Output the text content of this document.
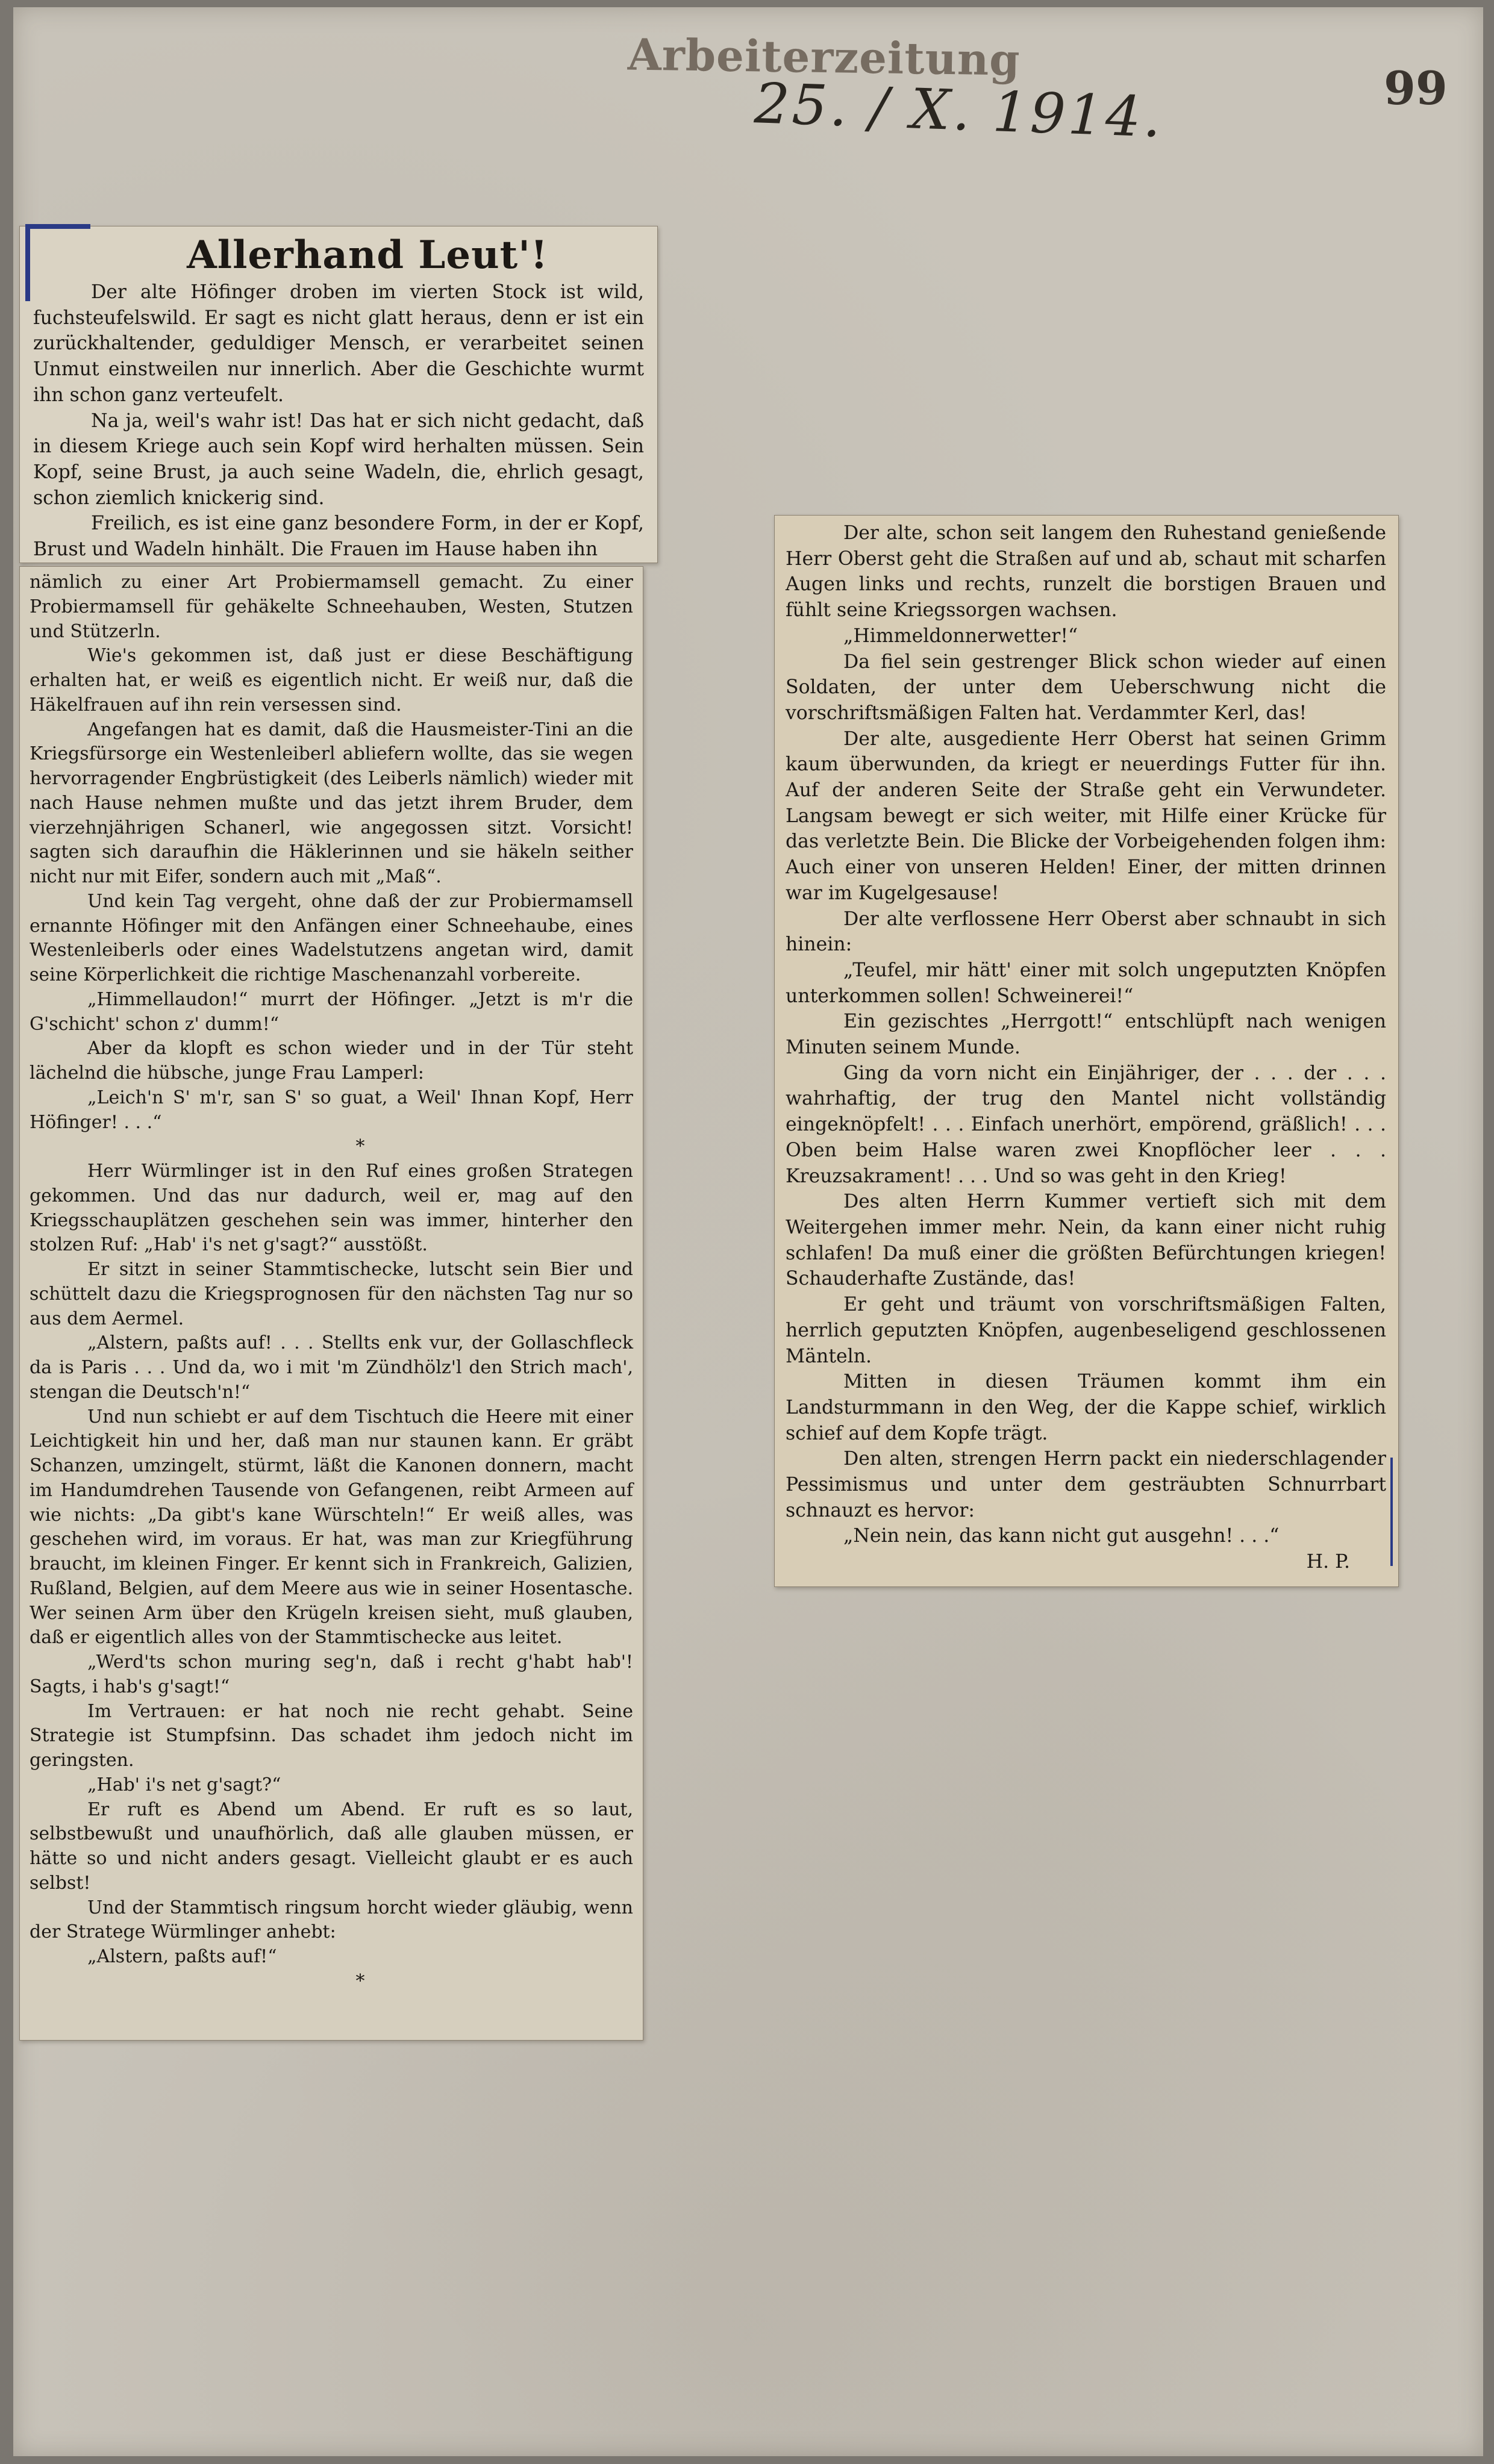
Arbeiterzeitung
25. / X. 1914.	99

Allerhand Leut'!

Der alte Höfinger droben im vierten Stock ist wild, fuchsteufelswild. Er sagt es nicht glatt heraus, denn er ist ein zurückhaltender, geduldiger Mensch, er verarbeitet seinen Unmut einstweilen nur innerlich. Aber die Geschichte wurmt ihn schon ganz verteufelt.

Na ja, weil's wahr ist! Das hat er sich nicht gedacht, daß in diesem Kriege auch sein Kopf wird herhalten müssen. Sein Kopf, seine Brust, ja auch seine Wadeln, die, ehrlich gesagt, schon ziemlich knickerig sind.

Freilich, es ist eine ganz besondere Form, in der er Kopf, Brust und Wadeln hinhält. Die Frauen im Hause haben ihn

nämlich zu einer Art Probiermamsell gemacht. Zu einer Probiermamsell für gehäkelte Schneehauben, Westen, Stutzen und Stützerln.

Wie's gekommen ist, daß just er diese Beschäftigung erhalten hat, er weiß es eigentlich nicht. Er weiß nur, daß die Häkelfrauen auf ihn rein versessen sind.

Angefangen hat es damit, daß die Hausmeister-Tini an die Kriegsfürsorge ein Westenleiberl abliefern wollte, das sie wegen hervorragender Engbrüstigkeit (des Leiberls nämlich) wieder mit nach Hause nehmen mußte und das jetzt ihrem Bruder, dem vierzehnjährigen Schanerl, wie angegossen sitzt. Vorsicht! sagten sich daraufhin die Häklerinnen und sie häkeln seither nicht nur mit Eifer, sondern auch mit „Maß“.

Und kein Tag vergeht, ohne daß der zur Probiermamsell ernannte Höfinger mit den Anfängen einer Schneehaube, eines Westenleiberls oder eines Wadelstutzens angetan wird, damit seine Körperlichkeit die richtige Maschenanzahl vorbereite.

„Himmellaudon!“ murrt der Höfinger. „Jetzt is m'r die G'schicht' schon z' dumm!“

Aber da klopft es schon wieder und in der Tür steht lächelnd die hübsche, junge Frau Lamperl:

„Leich'n S' m'r, san S' so guat, a Weil' Ihnan Kopf, Herr Höfinger! . . .“

*

Herr Würmlinger ist in den Ruf eines großen Strategen gekommen. Und das nur dadurch, weil er, mag auf den Kriegsschauplätzen geschehen sein was immer, hinterher den stolzen Ruf: „Hab' i's net g'sagt?“ ausstößt.

Er sitzt in seiner Stammtischecke, lutscht sein Bier und schüttelt dazu die Kriegsprognosen für den nächsten Tag nur so aus dem Aermel.

„Alstern, paßts auf! . . . Stellts enk vur, der Gollaschfleck da is Paris . . . Und da, wo i mit 'm Zündhölz'l den Strich mach', stengan die Deutsch'n!“

Und nun schiebt er auf dem Tischtuch die Heere mit einer Leichtigkeit hin und her, daß man nur staunen kann. Er gräbt Schanzen, umzingelt, stürmt, läßt die Kanonen donnern, macht im Handumdrehen Tausende von Gefangenen, reibt Armeen auf wie nichts: „Da gibt's kane Würschteln!“ Er weiß alles, was geschehen wird, im voraus. Er hat, was man zur Kriegführung braucht, im kleinen Finger. Er kennt sich in Frankreich, Galizien, Rußland, Belgien, auf dem Meere aus wie in seiner Hosentasche. Wer seinen Arm über den Krügeln kreisen sieht, muß glauben, daß er eigentlich alles von der Stammtischecke aus leitet.

„Werd'ts schon muring seg'n, daß i recht g'habt hab'! Sagts, i hab's g'sagt!“

Im Vertrauen: er hat noch nie recht gehabt. Seine Strategie ist Stumpfsinn. Das schadet ihm jedoch nicht im geringsten.

„Hab' i's net g'sagt?“

Er ruft es Abend um Abend. Er ruft es so laut, selbstbewußt und unaufhörlich, daß alle glauben müssen, er hätte so und nicht anders gesagt. Vielleicht glaubt er es auch selbst!

Und der Stammtisch ringsum horcht wieder gläubig, wenn der Stratege Würmlinger anhebt:

„Alstern, paßts auf!“

*

Der alte, schon seit langem den Ruhestand genießende Herr Oberst geht die Straßen auf und ab, schaut mit scharfen Augen links und rechts, runzelt die borstigen Brauen und fühlt seine Kriegssorgen wachsen.

„Himmeldonnerwetter!“

Da fiel sein gestrenger Blick schon wieder auf einen Soldaten, der unter dem Ueberschwung nicht die vorschriftsmäßigen Falten hat. Verdammter Kerl, das!

Der alte, ausgediente Herr Oberst hat seinen Grimm kaum überwunden, da kriegt er neuerdings Futter für ihn. Auf der anderen Seite der Straße geht ein Verwundeter. Langsam bewegt er sich weiter, mit Hilfe einer Krücke für das verletzte Bein. Die Blicke der Vorbeigehenden folgen ihm: Auch einer von unseren Helden! Einer, der mitten drinnen war im Kugelgesause!

Der alte verflossene Herr Oberst aber schnaubt in sich hinein:

„Teufel, mir hätt' einer mit solch ungeputzten Knöpfen unterkommen sollen! Schweinerei!“

Ein gezischtes „Herrgott!“ entschlüpft nach wenigen Minuten seinem Munde.

Ging da vorn nicht ein Einjähriger, der . . . der . . . wahrhaftig, der trug den Mantel nicht vollständig eingeknöpfelt! . . . Einfach unerhört, empörend, gräßlich! . . . Oben beim Halse waren zwei Knopflöcher leer . . . Kreuzsakrament! . . . Und so was geht in den Krieg!

Des alten Herrn Kummer vertieft sich mit dem Weitergehen immer mehr. Nein, da kann einer nicht ruhig schlafen! Da muß einer die größten Befürchtungen kriegen! Schauderhafte Zustände, das!

Er geht und träumt von vorschriftsmäßigen Falten, herrlich geputzten Knöpfen, augenbeseligend geschlossenen Mänteln.

Mitten in diesen Träumen kommt ihm ein Landsturmmann in den Weg, der die Kappe schief, wirklich schief auf dem Kopfe trägt.

Den alten, strengen Herrn packt ein niederschlagender Pessimismus und unter dem gesträubten Schnurrbart schnauzt es hervor:

„Nein nein, das kann nicht gut ausgehn! . . .“

H. P.
